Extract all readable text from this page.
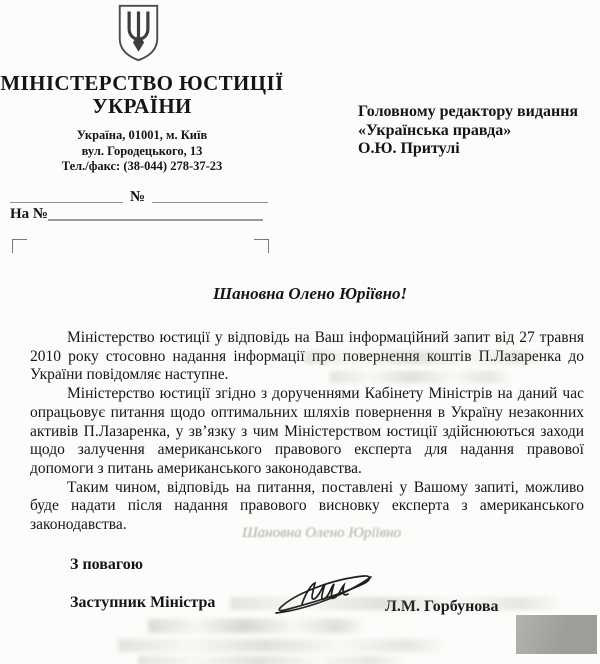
МІНІСТЕРСТВО ЮСТИЦІЇ
УКРАЇНИ
Україна, 01001, м. Київ
вул. Городецького, 13
Тел./факс: (38-044) 278-37-23
Головному редактору видання
«Українська правда»
О.Ю. Притулі
№
На №
Шановна Олено Юріївно!

Міністерство юстиції у відповідь на Ваш інформаційний запит від 27 травня 2010 року стосовно надання інформації про повернення коштів П.Лазаренка до України повідомляє наступне.

Міністерство юстиції згідно з дорученнями Кабінету Міністрів на даний час опрацьовує питання щодо оптимальних шляхів повернення в Україну незаконних активів П.Лазаренка, у зв’язку з чим Міністерством юстиції здійснюються заходи щодо залучення американського правового експерта для надання правової допомоги з питань американського законодавства.

Таким чином, відповідь на питання, поставлені у Вашому запиті, можливо буде надати після надання правового висновку експерта з американського законодавства.	Шановна Олено Юріївно
З повагою
Заступник Міністра	Л.М. Горбунова
